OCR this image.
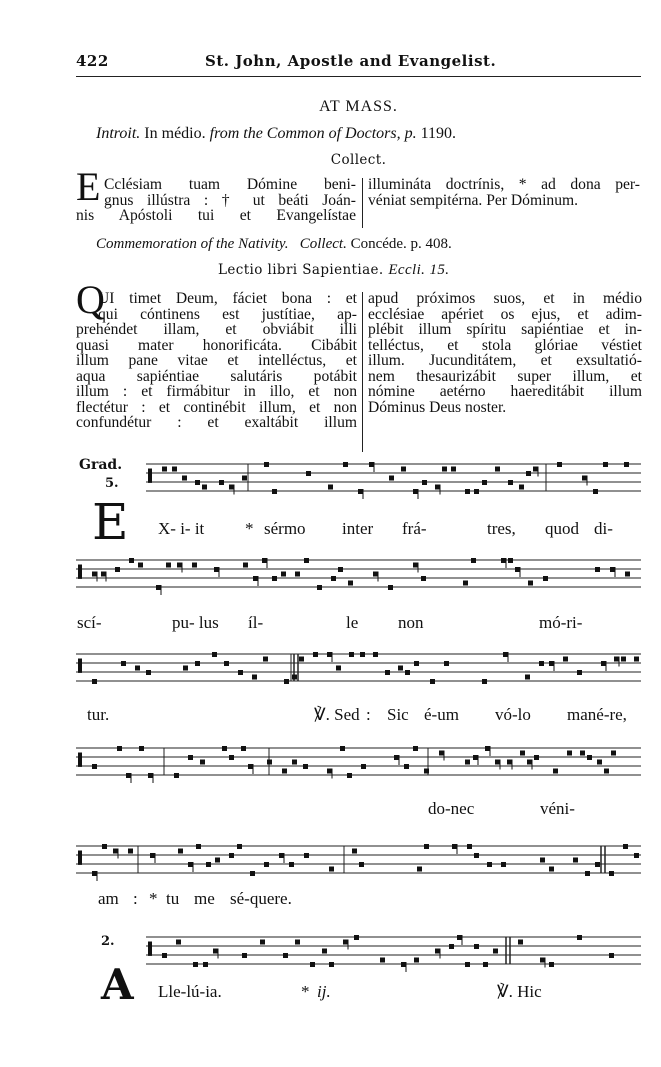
422	St. John, Apostle and Evangelist.
AT MASS.
Introit. In médio. from the Common of Doctors, p. 1190.
Collect.
E Cclésiam tuam Dómine beni-
gnus illústra : † ut beáti Joán-
nis Apóstoli tui et Evangelístae
illumináta doctrínis, * ad dona per-
véniat sempitérna. Per Dóminum.
Commemoration of the Nativity. Collect. Concéde. p. 408.
Lectio libri Sapientiae. Eccli. 15.
Q
UI timet Deum, fáciet bona : et
qui cóntinens est justítiae, ap-
prehéndet illam, et obviábit illi
quasi mater honorificáta. Cibábit
illum pane vitae et intelléctus, et
aqua sapiéntiae salutáris potábit
illum : et firmábitur in illo, et non
flectétur : et continébit illum, et non
confundétur : et exaltábit illum
apud próximos suos, et in médio
ecclésiae apériet os ejus, et adim-
plébit illum spíritu sapiéntiae et in-
telléctus, et stola glóriae véstiet
illum. Jucunditátem, et exsultatió-
nem thesaurizábit super illum, et
nómine aetérno haereditábit illum
Dóminus Deus noster.
Grad.
5.
E X- i- it * sérmo inter frá-	tres, quod di-
scí-	pu- lus íl-	le non	mó-ri-
tur.	℣. Sed : Sic é-um vó-lo mané-re,
do-nec	véni-
am : * tu me sé-quere.
2.
A Lle-lú-ia.	* ij.	℣. Hic
